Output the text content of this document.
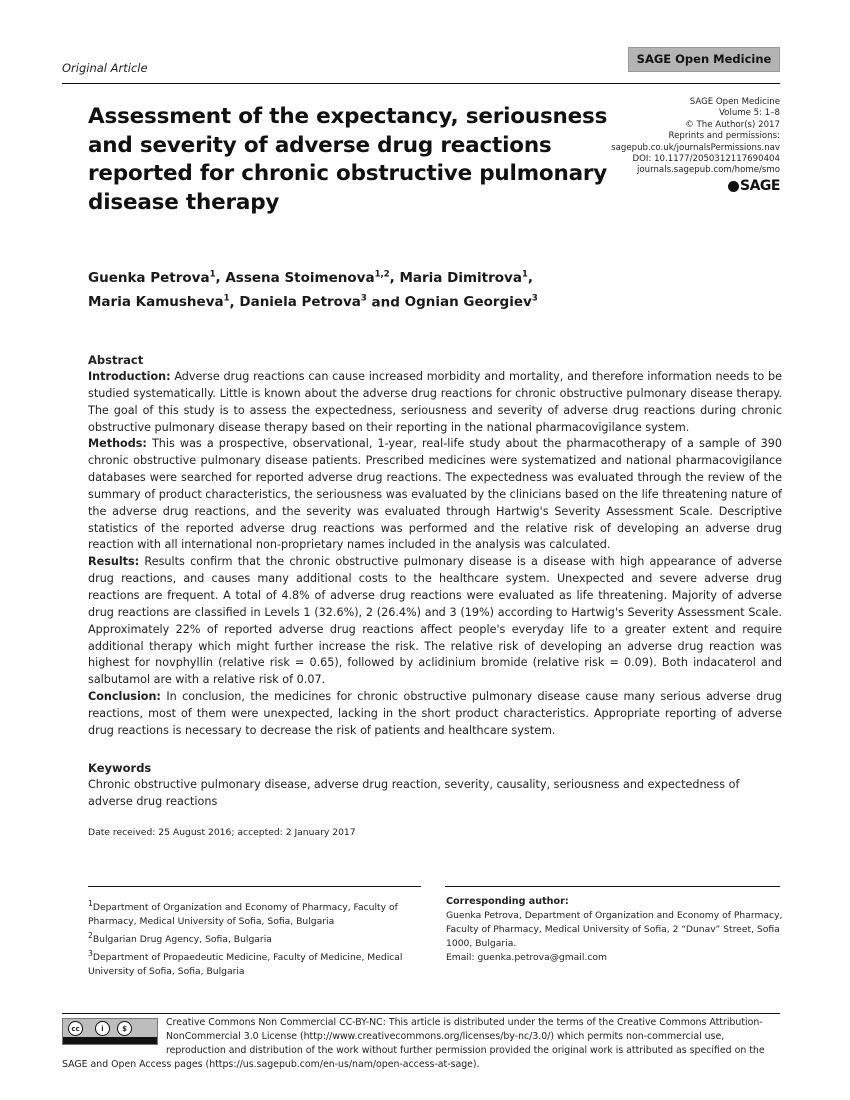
Original Article
SAGE Open Medicine
SAGE Open Medicine
Volume 5: 1–8
© The Author(s) 2017
Reprints and permissions:
sagepub.co.uk/journalsPermissions.nav
DOI: 10.1177/2050312117690404
journals.sagepub.com/home/smo
SAGE
Assessment of the expectancy, seriousness and severity of adverse drug reactions reported for chronic obstructive pulmonary disease therapy
Guenka Petrova$^1$, Assena Stoimenova$^{1,2}$, Maria Dimitrova$^1$,
Maria Kamusheva$^1$, Daniela Petrova$^3$ and Ognian Georgiev$^3$
Abstract

Introduction: Adverse drug reactions can cause increased morbidity and mortality, and therefore information needs to be studied systematically. Little is known about the adverse drug reactions for chronic obstructive pulmonary disease therapy. The goal of this study is to assess the expectedness, seriousness and severity of adverse drug reactions during chronic obstructive pulmonary disease therapy based on their reporting in the national pharmacovigilance system.

Methods: This was a prospective, observational, 1-year, real-life study about the pharmacotherapy of a sample of 390 chronic obstructive pulmonary disease patients. Prescribed medicines were systematized and national pharmacovigilance databases were searched for reported adverse drug reactions. The expectedness was evaluated through the review of the summary of product characteristics, the seriousness was evaluated by the clinicians based on the life threatening nature of the adverse drug reactions, and the severity was evaluated through Hartwig's Severity Assessment Scale. Descriptive statistics of the reported adverse drug reactions was performed and the relative risk of developing an adverse drug reaction with all international non-proprietary names included in the analysis was calculated.

Results: Results confirm that the chronic obstructive pulmonary disease is a disease with high appearance of adverse drug reactions, and causes many additional costs to the healthcare system. Unexpected and severe adverse drug reactions are frequent. A total of 4.8% of adverse drug reactions were evaluated as life threatening. Majority of adverse drug reactions are classified in Levels 1 (32.6%), 2 (26.4%) and 3 (19%) according to Hartwig's Severity Assessment Scale. Approximately 22% of reported adverse drug reactions affect people's everyday life to a greater extent and require additional therapy which might further increase the risk. The relative risk of developing an adverse drug reaction was highest for novphyllin (relative risk = 0.65), followed by aclidinium bromide (relative risk = 0.09). Both indacaterol and salbutamol are with a relative risk of 0.07.

Conclusion: In conclusion, the medicines for chronic obstructive pulmonary disease cause many serious adverse drug reactions, most of them were unexpected, lacking in the short product characteristics. Appropriate reporting of adverse drug reactions is necessary to decrease the risk of patients and healthcare system.

Keywords

Chronic obstructive pulmonary disease, adverse drug reaction, severity, causality, seriousness and expectedness of adverse drug reactions

Date received: 25 August 2016; accepted: 2 January 2017
$^1$Department of Organization and Economy of Pharmacy, Faculty of Pharmacy, Medical University of Sofia, Sofia, Bulgaria
$^2$Bulgarian Drug Agency, Sofia, Bulgaria
$^3$Department of Propaedeutic Medicine, Faculty of Medicine, Medical University of Sofia, Sofia, Bulgaria
Corresponding author:
Guenka Petrova, Department of Organization and Economy of Pharmacy, Faculty of Pharmacy, Medical University of Sofia, 2 “Dunav” Street, Sofia 1000, Bulgaria.
Email: guenka.petrova@gmail.com
cc	i	$
Creative Commons Non Commercial CC-BY-NC: This article is distributed under the terms of the Creative Commons Attribution-NonCommercial 3.0 License (http://www.creativecommons.org/licenses/by-nc/3.0/) which permits non-commercial use, reproduction and distribution of the work without further permission provided the original work is attributed as specified on the SAGE and Open Access pages (https://us.sagepub.com/en-us/nam/open-access-at-sage).
